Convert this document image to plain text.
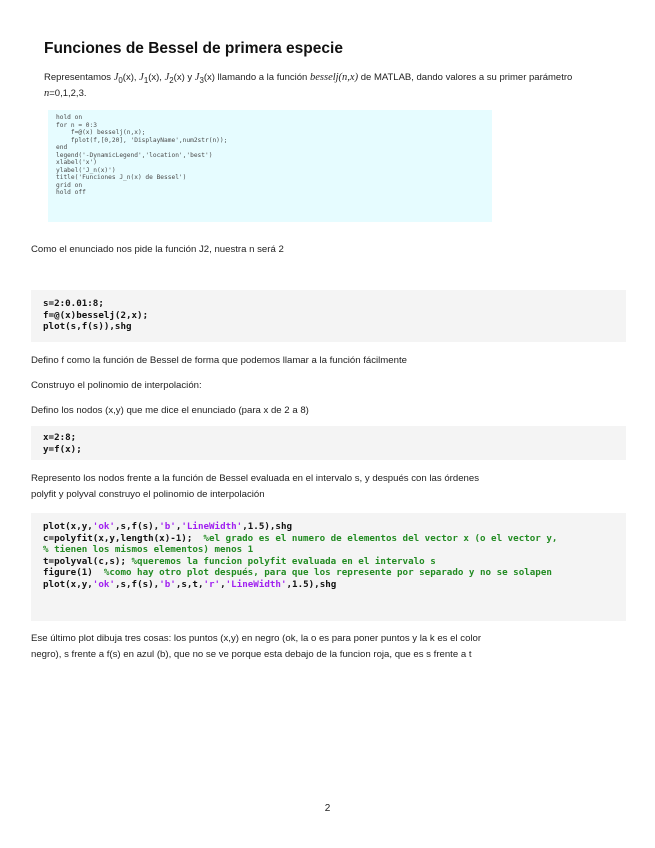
Funciones de Bessel de primera especie

Representamos $J_0(x)$, $J_1(x)$, $J_2(x)$ y $J_3(x)$ llamando a la función besselj(n,x) de MATLAB, dando valores a su primer parámetro n=0,1,2,3.

hold on
for n = 0:3
f=@(x) besselj(n,x);
fplot(f,[0,20], 'DisplayName',num2str(n));
end
legend('-DynamicLegend','location','best')
xlabel('x')
ylabel('J_n(x)')
title('Funciones J_n(x) de Bessel')
grid on
hold off

Como el enunciado nos pide la función J2, nuestra n será 2

s=2:0.01:8;
f=@(x)besselj(2,x);
plot(s,f(s)),shg

Defino f como la función de Bessel de forma que podemos llamar a la función fácilmente

Construyo el polinomio de interpolación:

Defino los nodos (x,y) que me dice el enunciado (para x de 2 a 8)

x=2:8;
y=f(x);

Represento los nodos frente a la función de Bessel evaluada en el intervalo s, y después con las órdenes

polyfit y polyval construyo el polinomio de interpolación

plot(x,y,'ok',s,f(s),'b','LineWidth',1.5),shg
c=polyfit(x,y,length(x)-1);  %el grado es el numero de elementos del vector x (o el vector y,
% tienen los mismos elementos) menos 1
t=polyval(c,s); %queremos la funcion polyfit evaluada en el intervalo s
figure(1)  %como hay otro plot después, para que los represente por separado y no se solapen
plot(x,y,'ok',s,f(s),'b',s,t,'r','LineWidth',1.5),shg

Ese último plot dibuja tres cosas: los puntos (x,y) en negro (ok, la o es para poner puntos y la k es el color

negro), s frente a f(s) en azul (b), que no se ve porque esta debajo de la funcion roja, que es s frente a t

2
